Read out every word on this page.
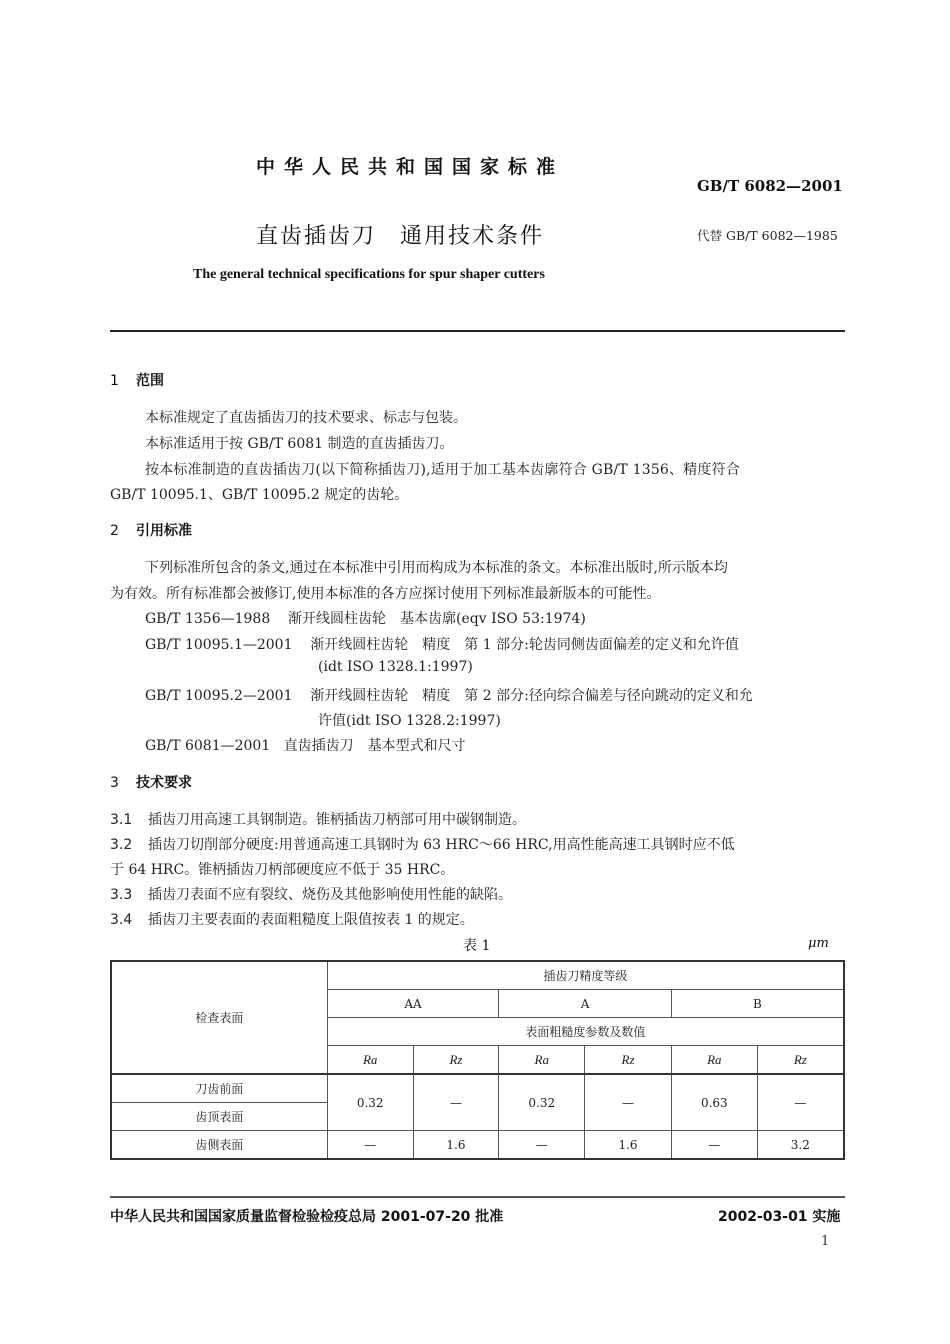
中华人民共和国国家标准
GB/T 6082—2001
直齿插齿刀　通用技术条件	代替 GB/T 6082—1985
The general technical specifications for spur shaper cutters
1 范围
本标准规定了直齿插齿刀的技术要求、标志与包装。
本标准适用于按 GB/T 6081 制造的直齿插齿刀。
按本标准制造的直齿插齿刀(以下简称插齿刀),适用于加工基本齿廓符合 GB/T 1356、精度符合
GB/T 10095.1、GB/T 10095.2 规定的齿轮。
2 引用标准
下列标准所包含的条文,通过在本标准中引用而构成为本标准的条文。本标准出版时,所示版本均
为有效。所有标准都会被修订,使用本标准的各方应探讨使用下列标准最新版本的可能性。
GB/T 1356—1988 渐开线圆柱齿轮　基本齿廓(eqv ISO 53:1974)
GB/T 10095.1—2001 渐开线圆柱齿轮　精度　第 1 部分:轮齿同侧齿面偏差的定义和允许值
(idt ISO 1328.1:1997)
GB/T 10095.2—2001 渐开线圆柱齿轮　精度　第 2 部分:径向综合偏差与径向跳动的定义和允
许值(idt ISO 1328.2:1997)
GB/T 6081—2001 直齿插齿刀　基本型式和尺寸
3 技术要求
3.1 插齿刀用高速工具钢制造。锥柄插齿刀柄部可用中碳钢制造。
3.2 插齿刀切削部分硬度:用普通高速工具钢时为 63 HRC～66 HRC,用高性能高速工具钢时应不低
于 64 HRC。锥柄插齿刀柄部硬度应不低于 35 HRC。
3.3 插齿刀表面不应有裂纹、烧伤及其他影响使用性能的缺陷。
3.4 插齿刀主要表面的表面粗糙度上限值按表 1 的规定。
表 1	μm
检查表面	插齿刀精度等级					
	AA		A		B	
	表面粗糙度参数及数值					
	Ra	Rz	Ra	Rz	Ra	Rz
刀齿前面	0.32	—	0.32	—	0.63	—
齿顶表面						
齿侧表面	—	1.6	—	1.6	—	3.2
中华人民共和国国家质量监督检验检疫总局 2001-07-20 批准	2002-03-01 实施
1
